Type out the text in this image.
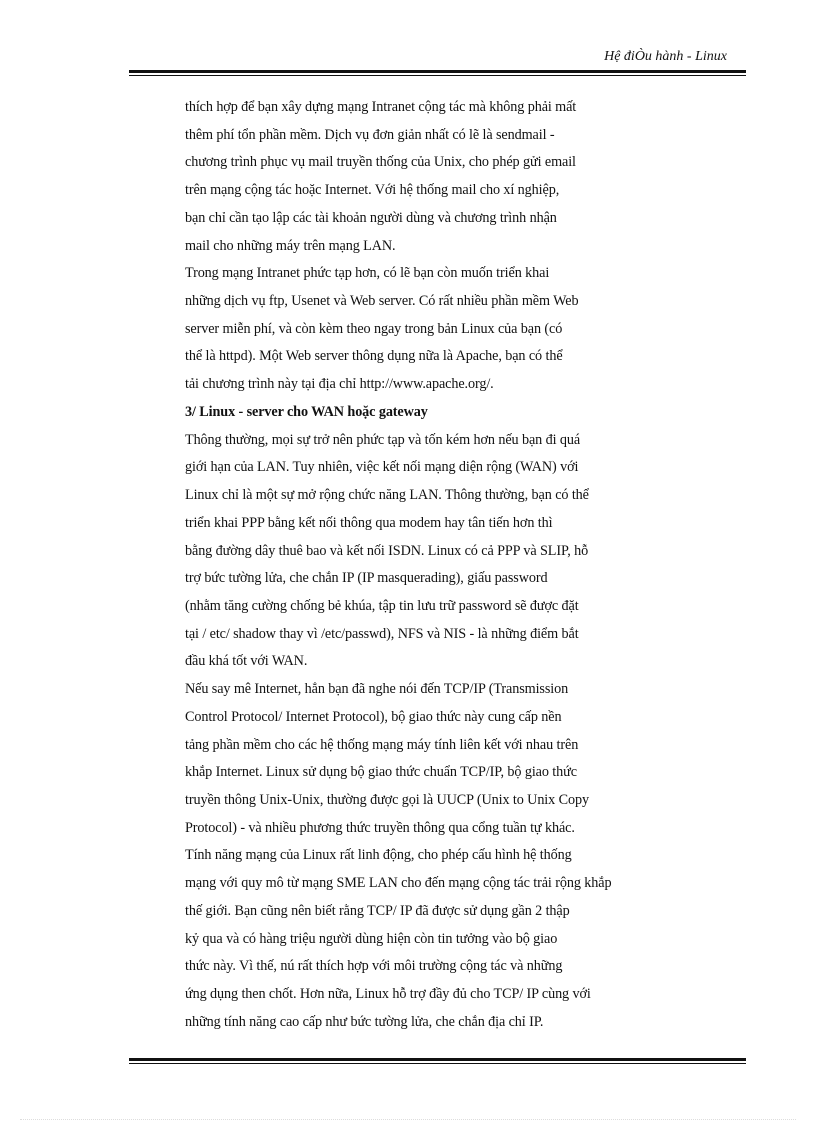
Hệ điÒu hành - Linux
thích hợp để bạn xây dựng mạng Intranet cộng tác mà không phải mất
thêm phí tổn phần mềm. Dịch vụ đơn giản nhất có lẽ là sendmail -
chương trình phục vụ mail truyền thống của Unix, cho phép gửi email
trên mạng cộng tác hoặc Internet. Với hệ thống mail cho xí nghiệp,
bạn chỉ cần tạo lập các tài khoản người dùng và chương trình nhận
mail cho những máy trên mạng LAN.
Trong mạng Intranet phức tạp hơn, có lẽ bạn còn muốn triển khai
những dịch vụ ftp, Usenet và Web server. Có rất nhiều phần mềm Web
server miễn phí, và còn kèm theo ngay trong bản Linux của bạn (có
thể là httpd). Một Web server thông dụng nữa là Apache, bạn có thể
tải chương trình này tại địa chỉ http://www.apache.org/.
3/ Linux - server cho WAN hoặc gateway
Thông thường, mọi sự trở nên phức tạp và tốn kém hơn nếu bạn đi quá
giới hạn của LAN. Tuy nhiên, việc kết nối mạng diện rộng (WAN) với
Linux chỉ là một sự mở rộng chức năng LAN. Thông thường, bạn có thể
triển khai PPP bằng kết nối thông qua modem hay tân tiến hơn thì
bằng đường dây thuê bao và kết nối ISDN. Linux có cả PPP và SLIP, hỗ
trợ bức tường lửa, che chắn IP (IP masquerading), giấu password
(nhằm tăng cường chống bẻ khúa, tập tin lưu trữ password sẽ được đặt
tại / etc/ shadow thay vì /etc/passwd), NFS và NIS - là những điểm bắt
đầu khá tốt với WAN.
Nếu say mê Internet, hẳn bạn đã nghe nói đến TCP/IP (Transmission
Control Protocol/ Internet Protocol), bộ giao thức này cung cấp nền
tảng phần mềm cho các hệ thống mạng máy tính liên kết với nhau trên
khắp Internet. Linux sử dụng bộ giao thức chuẩn TCP/IP, bộ giao thức
truyền thông Unix-Unix, thường được gọi là UUCP (Unix to Unix Copy
Protocol) - và nhiều phương thức truyền thông qua cổng tuần tự khác.
Tính năng mạng của Linux rất linh động, cho phép cấu hình hệ thống
mạng với quy mô từ mạng SME LAN cho đến mạng cộng tác trải rộng khắp
thế giới. Bạn cũng nên biết rằng TCP/ IP đã được sử dụng gần 2 thập
kỷ qua và có hàng triệu người dùng hiện còn tin tưởng vào bộ giao
thức này. Vì thế, nú rất thích hợp với môi trường cộng tác và những
ứng dụng then chốt. Hơn nữa, Linux hỗ trợ đầy đủ cho TCP/ IP cùng với
những tính năng cao cấp như bức tường lửa, che chắn địa chỉ IP.
